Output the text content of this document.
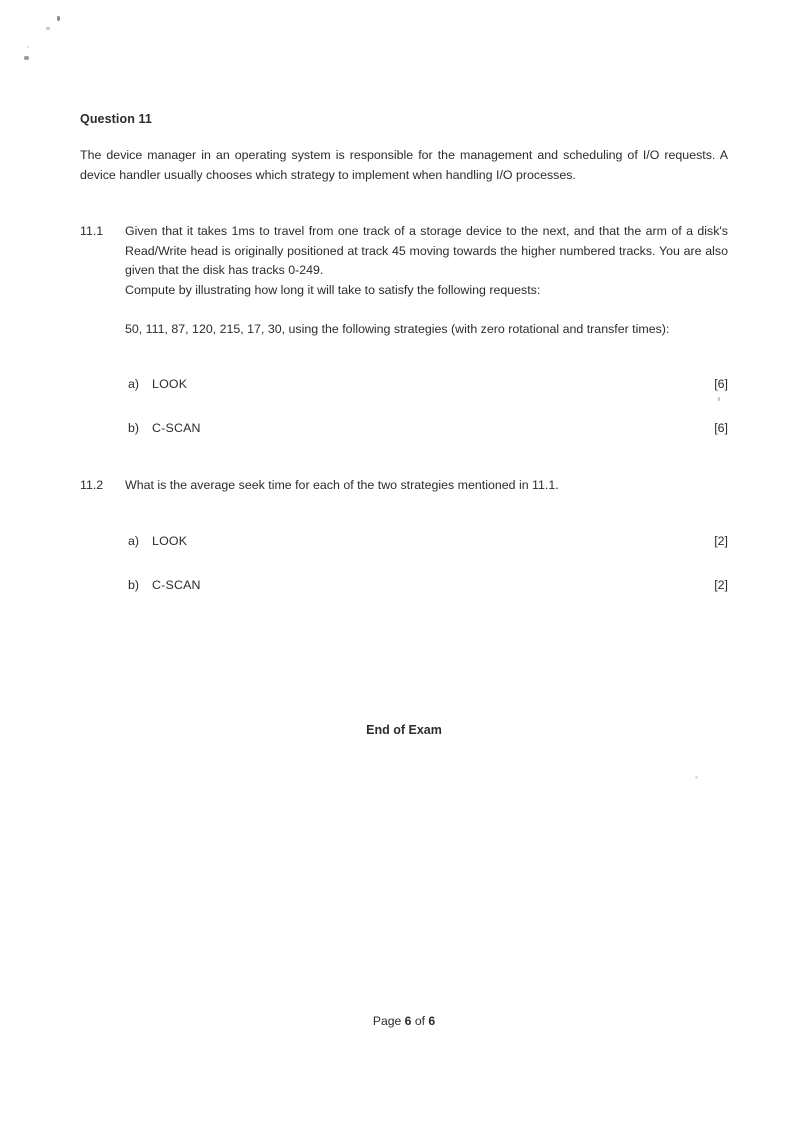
Question 11
The device manager in an operating system is responsible for the management and scheduling of I/O requests. A device handler usually chooses which strategy to implement when handling I/O processes.
11.1	Given that it takes 1ms to travel from one track of a storage device to the next, and that the arm of a disk's Read/Write head is originally positioned at track 45 moving towards the higher numbered tracks. You are also given that the disk has tracks 0-249.
Compute by illustrating how long it will take to satisfy the following requests:
50, 111, 87, 120, 215, 17, 30, using the following strategies (with zero rotational and transfer times):
a)	LOOK	[6]
b)	C-SCAN	[6]
11.2	What is the average seek time for each of the two strategies mentioned in 11.1.
a)	LOOK	[2]
b)	C-SCAN	[2]
End of Exam
Page 6 of 6
